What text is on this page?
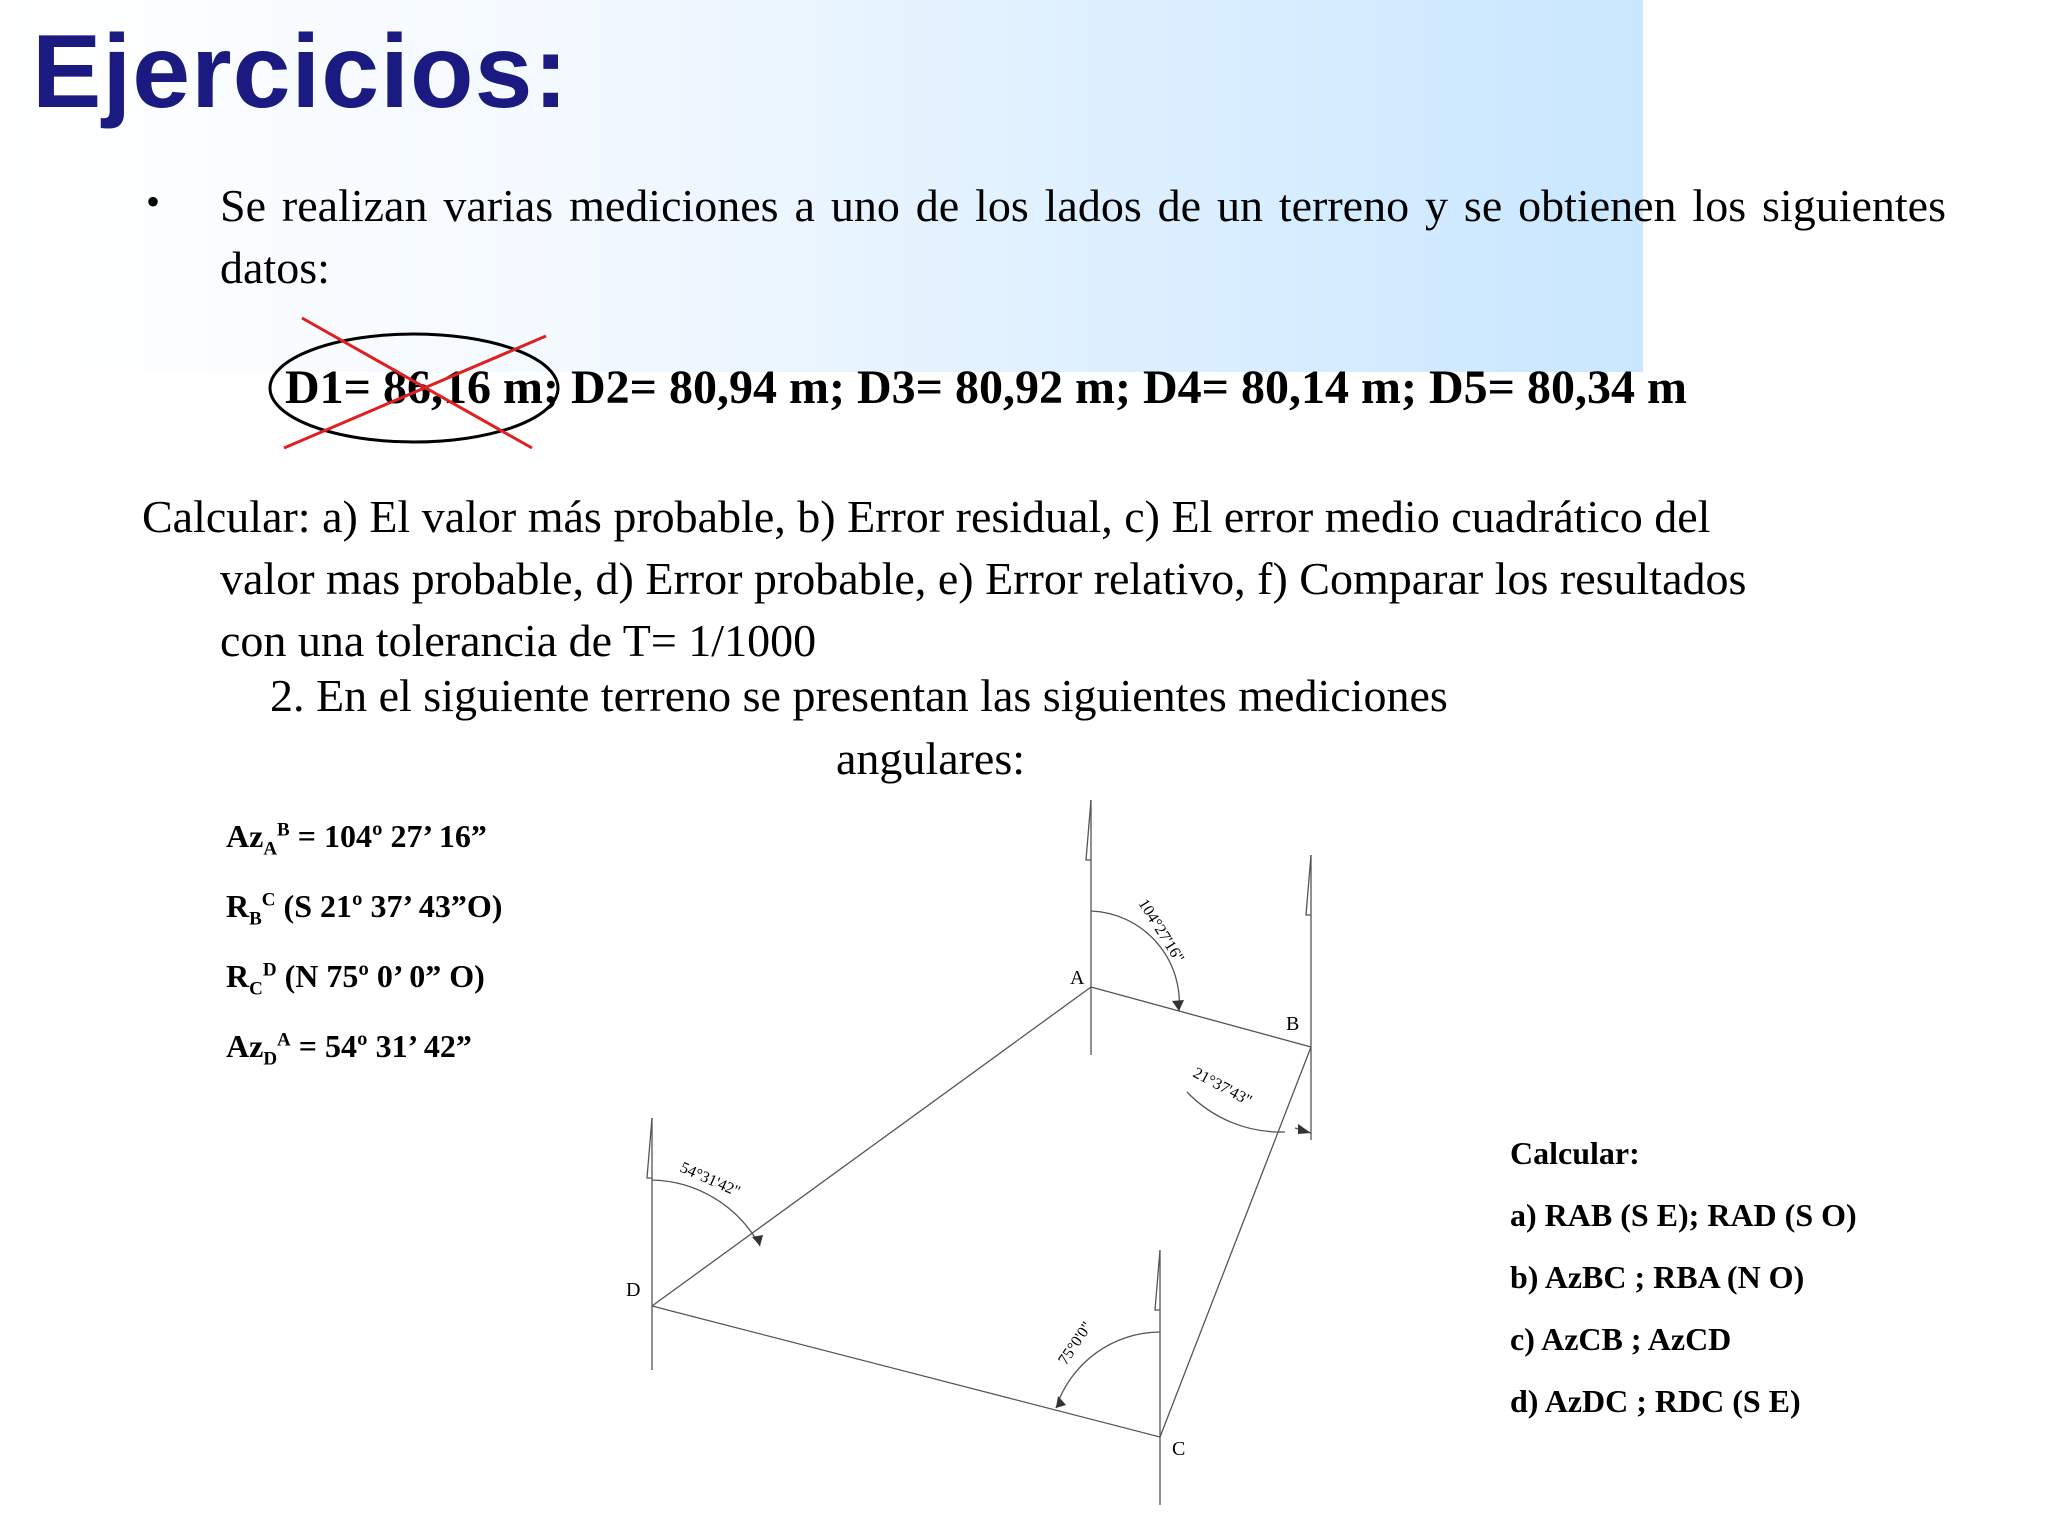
Ejercicios:
• Se realizan varias mediciones a uno de los lados de un terreno y se obtienen los siguientes datos:
D1= 86,16 m; D2= 80,94 m; D3= 80,92 m; D4= 80,14 m; D5= 80,34 m
Calcular: a) El valor más probable, b) Error residual, c) El error medio cuadrático del
valor mas probable, d) Error probable, e) Error relativo, f) Comparar los resultados
con una tolerancia de T= 1/1000
2. En el siguiente terreno se presentan las siguientes mediciones
angulares:
$Az_A^B$ = 104º 27’ 16”
$R_B^C$ (S 21º 37’ 43”O)
$R_C^D$ (N 75º 0’ 0” O)
$Az_D^A$ = 54º 31’ 42”
Calcular:
a) RAB (S E); RAD (S O)
b) AzBC ; RBA (N O)
c) AzCB ; AzCD
d) AzDC ; RDC (S E)
A
B
C
D
104°27'16"
21°37'43"
75°0'0"
54°31'42"
